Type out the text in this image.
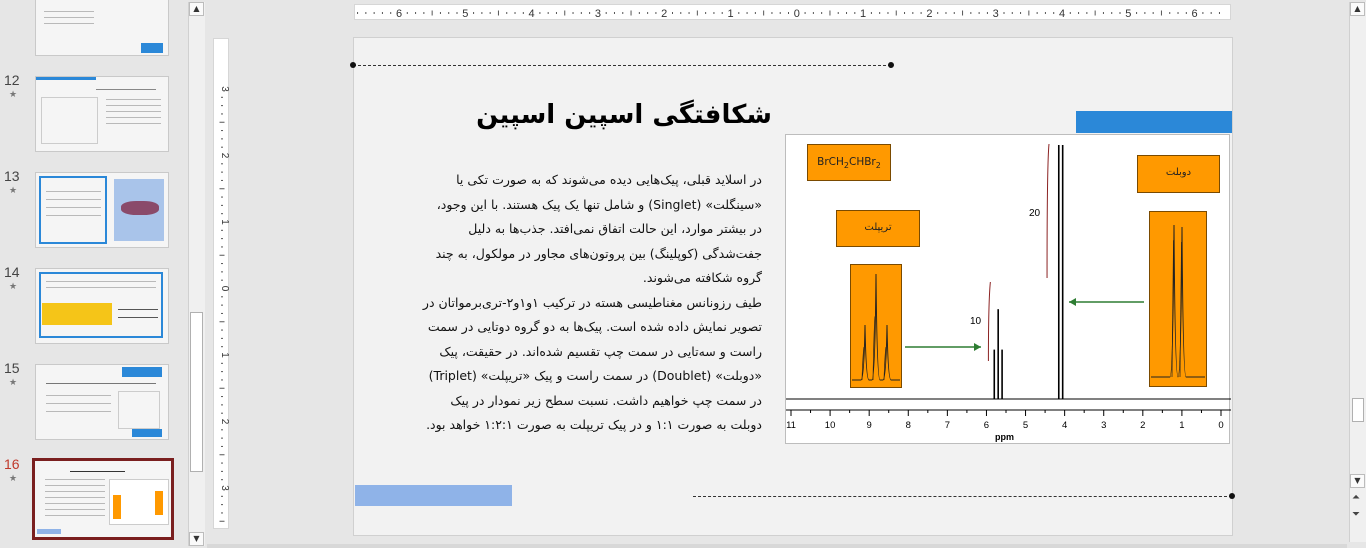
12
★
13
★
14
★
15
★
16
★
▲
▼
6	5	4	3	2	1	0	1	2	3	4	5	6
3
2
1
0
1
2
3
شکافتگی اسپین اسپین

در اسلاید قبلی، پیک‌هایی دیده می‌شوند که به صورت تکی یا

«سینگلت» (Singlet) و شامل تنها یک پیک هستند. با این وجود،

در بیشتر موارد، این حالت اتفاق نمی‌افتد. جذب‌ها به دلیل

جفت‌شدگی (کوپلینگ) بین پروتون‌های مجاور در مولکول، به چند

گروه شکافته می‌شوند.

طیف رزونانس مغناطیسی هسته در ترکیب ۱و۱و۲-تری‌برمواتان در

تصویر نمایش داده شده است. پیک‌ها به دو گروه دوتایی در سمت

راست و سه‌تایی در سمت چپ تقسیم شده‌اند. در حقیقت، پیک

«دوبلت» (Doublet) در سمت راست و پیک «تریپلت» (Triplet)

در سمت چپ خواهیم داشت. نسبت سطح زیر نمودار در پیک

دوبلت به صورت ۱:۱ و در پیک تریپلت به صورت ۱:۲:۱ خواهد بود.

BrCH$_2$CHBr$_2$
دوبلت
تریپلت
10
20
11	10	9	8	7	6	5	4	3	2	1	0
ppm
▲
▼
⏶
⏷
